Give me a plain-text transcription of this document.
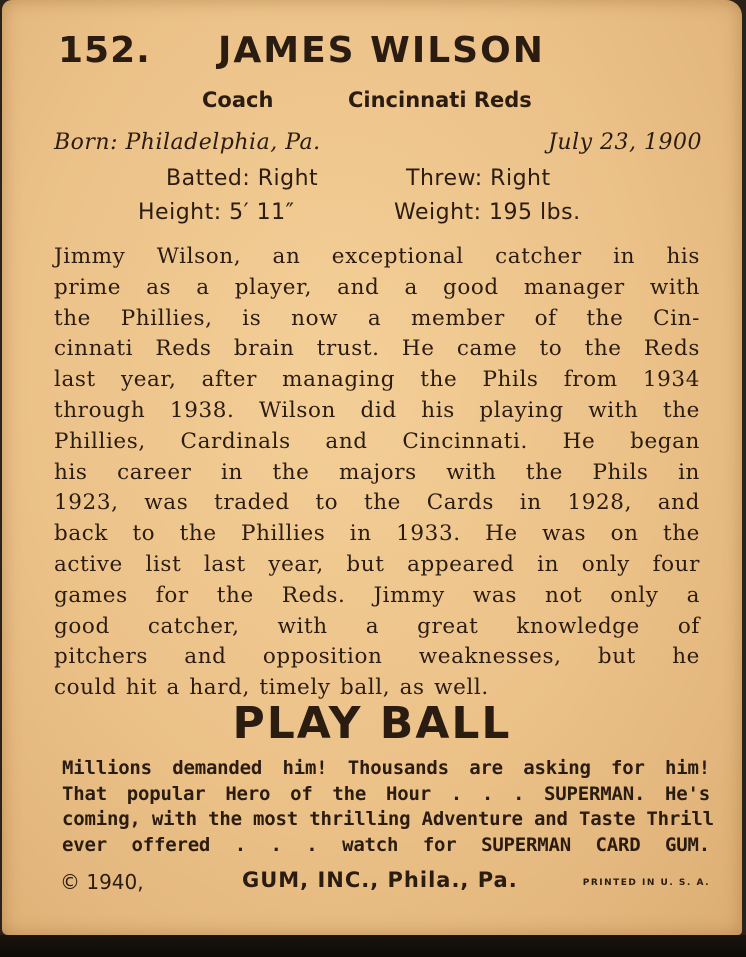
152. JAMES WILSON
Coach	Cincinnati Reds
Born: Philadelphia, Pa.	July 23, 1900
Batted: Right	Threw: Right
Height: 5′ 11″	Weight: 195 lbs.
Jimmy Wilson, an exceptional catcher in his
prime as a player, and a good manager with
the Phillies, is now a member of the Cin-
cinnati Reds brain trust. He came to the Reds
last year, after managing the Phils from 1934
through 1938. Wilson did his playing with the
Phillies, Cardinals and Cincinnati. He began
his career in the majors with the Phils in
1923, was traded to the Cards in 1928, and
back to the Phillies in 1933. He was on the
active list last year, but appeared in only four
games for the Reds. Jimmy was not only a
good catcher, with a great knowledge of
pitchers and opposition weaknesses, but he
could hit a hard, timely ball, as well.
PLAY BALL
Millions demanded him! Thousands are asking for him!
That popular Hero of the Hour . . . SUPERMAN. He's
coming, with the most thrilling Adventure and Taste Thrill
ever offered . . . watch for SUPERMAN CARD GUM.
© 1940,	GUM, INC., Phila., Pa.	PRINTED IN U. S. A.
